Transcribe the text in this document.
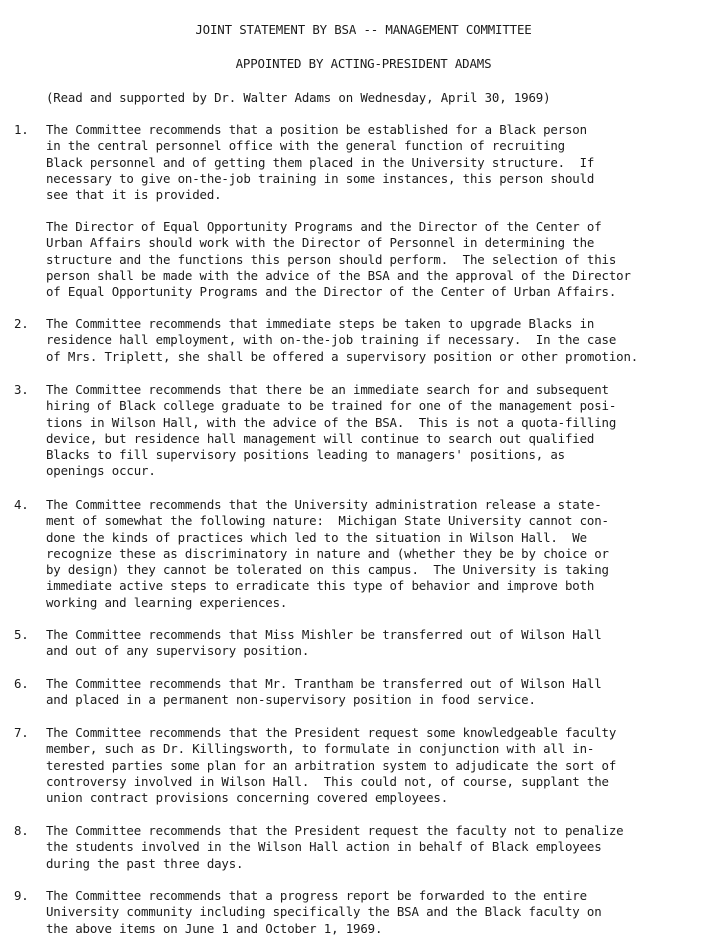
JOINT STATEMENT BY BSA -- MANAGEMENT COMMITTEE
APPOINTED BY ACTING-PRESIDENT ADAMS
(Read and supported by Dr. Walter Adams on Wednesday, April 30, 1969)
1.	The Committee recommends that a position be established for a Black person
in the central personnel office with the general function of recruiting
Black personnel and of getting them placed in the University structure.  If
necessary to give on-the-job training in some instances, this person should
see that it is provided.

The Director of Equal Opportunity Programs and the Director of the Center of
Urban Affairs should work with the Director of Personnel in determining the
structure and the functions this person should perform.  The selection of this
person shall be made with the advice of the BSA and the approval of the Director
of Equal Opportunity Programs and the Director of the Center of Urban Affairs.

2.	The Committee recommends that immediate steps be taken to upgrade Blacks in
residence hall employment, with on-the-job training if necessary.  In the case
of Mrs. Triplett, she shall be offered a supervisory position or other promotion.

3.	The Committee recommends that there be an immediate search for and subsequent
hiring of Black college graduate to be trained for one of the management posi-
tions in Wilson Hall, with the advice of the BSA.  This is not a quota-filling
device, but residence hall management will continue to search out qualified
Blacks to fill supervisory positions leading to managers' positions, as
openings occur.

4.	The Committee recommends that the University administration release a state-
ment of somewhat the following nature:  Michigan State University cannot con-
done the kinds of practices which led to the situation in Wilson Hall.  We
recognize these as discriminatory in nature and (whether they be by choice or
by design) they cannot be tolerated on this campus.  The University is taking
immediate active steps to erradicate this type of behavior and improve both
working and learning experiences.

5.	The Committee recommends that Miss Mishler be transferred out of Wilson Hall
and out of any supervisory position.

6.	The Committee recommends that Mr. Trantham be transferred out of Wilson Hall
and placed in a permanent non-supervisory position in food service.

7.	The Committee recommends that the President request some knowledgeable faculty
member, such as Dr. Killingsworth, to formulate in conjunction with all in-
terested parties some plan for an arbitration system to adjudicate the sort of
controversy involved in Wilson Hall.  This could not, of course, supplant the
union contract provisions concerning covered employees.

8.	The Committee recommends that the President request the faculty not to penalize
the students involved in the Wilson Hall action in behalf of Black employees
during the past three days.

9.	The Committee recommends that a progress report be forwarded to the entire
University community including specifically the BSA and the Black faculty on
the above items on June 1 and October 1, 1969.
